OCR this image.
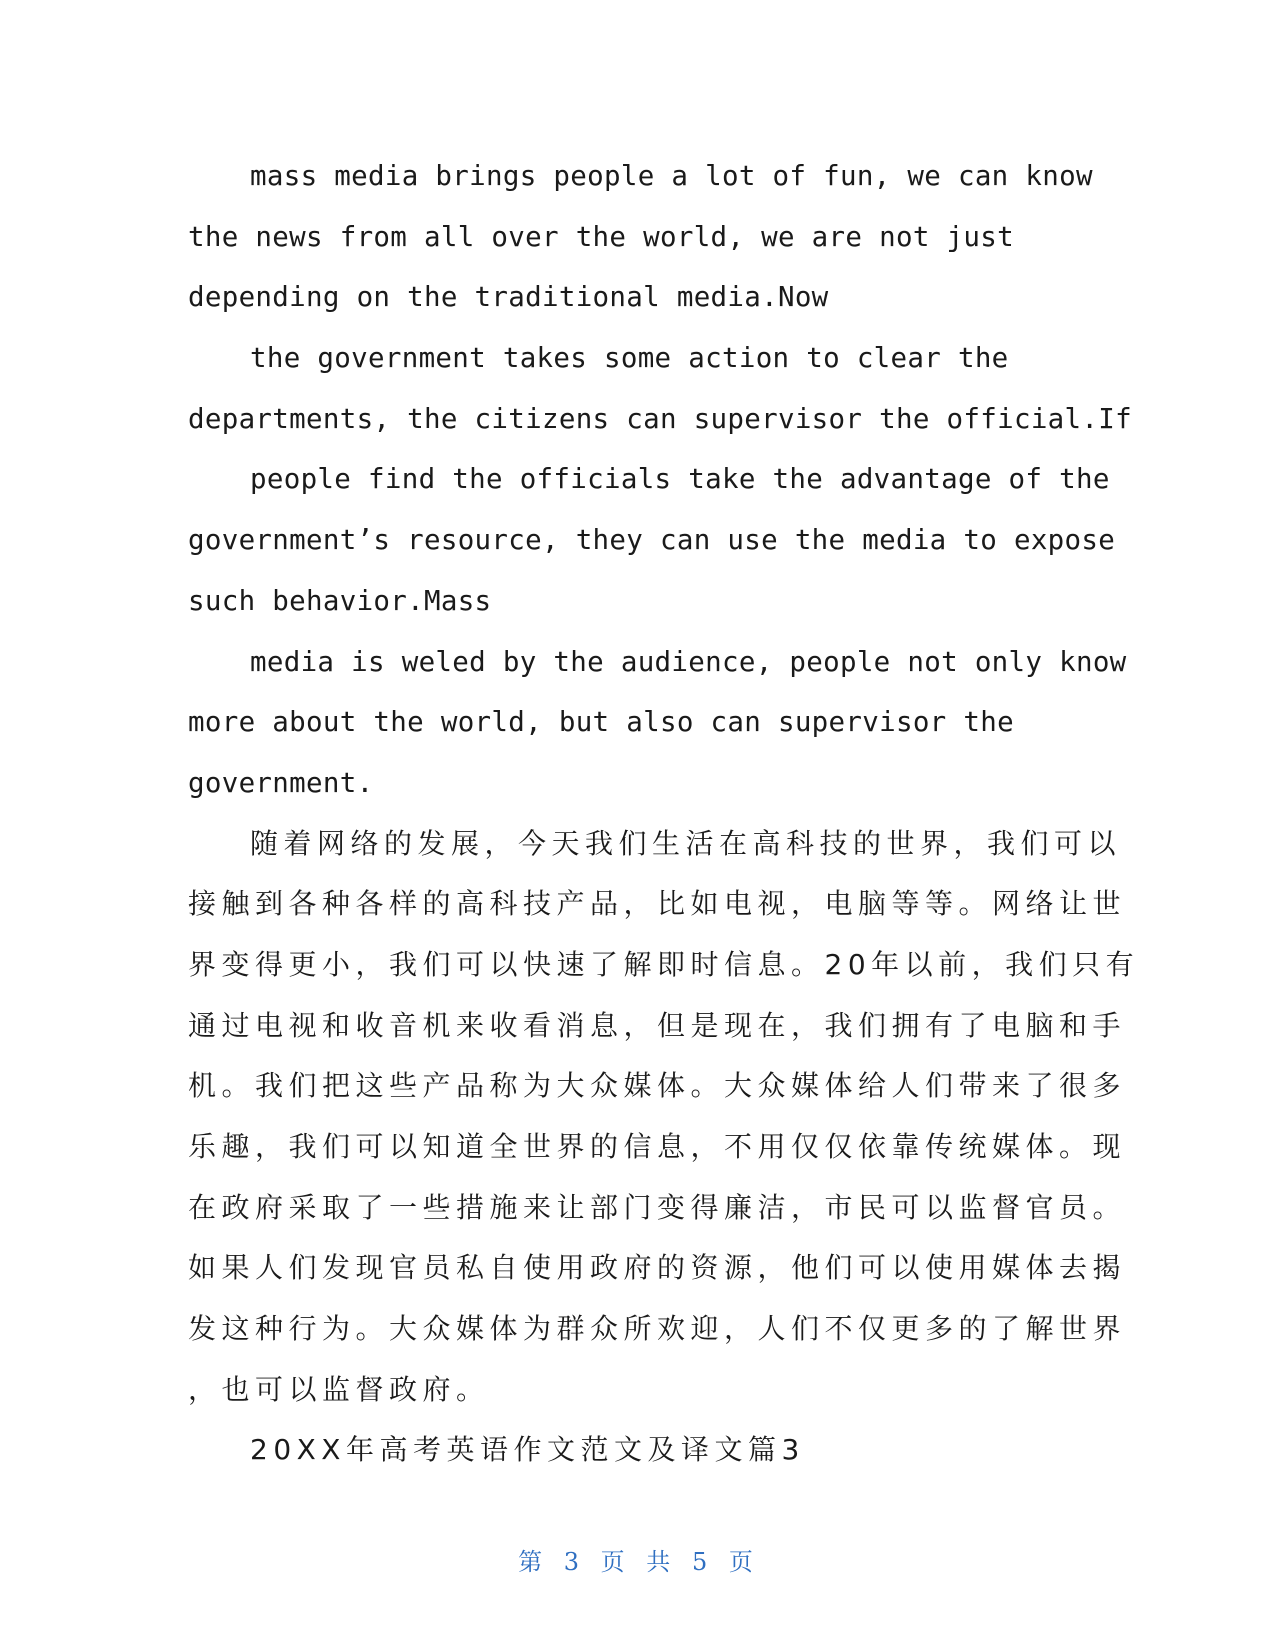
mass media brings people a lot of fun, we can know
the news from all over the world, we are not just
depending on the traditional media.Now
the government takes some action to clear the
departments, the citizens can supervisor the official.If
people find the officials take the advantage of the
government’s resource, they can use the media to expose
such behavior.Mass
media is weled by the audience, people not only know
more about the world, but also can supervisor the
government.
随着网络的发展，今天我们生活在高科技的世界，我们可以
接触到各种各样的高科技产品，比如电视，电脑等等。网络让世
界变得更小，我们可以快速了解即时信息。20年以前，我们只有
通过电视和收音机来收看消息，但是现在，我们拥有了电脑和手
机。我们把这些产品称为大众媒体。大众媒体给人们带来了很多
乐趣，我们可以知道全世界的信息，不用仅仅依靠传统媒体。现
在政府采取了一些措施来让部门变得廉洁，市民可以监督官员。
如果人们发现官员私自使用政府的资源，他们可以使用媒体去揭
发这种行为。大众媒体为群众所欢迎，人们不仅更多的了解世界
，也可以监督政府。
20XX年高考英语作文范文及译文篇3
第 3 页 共 5 页
